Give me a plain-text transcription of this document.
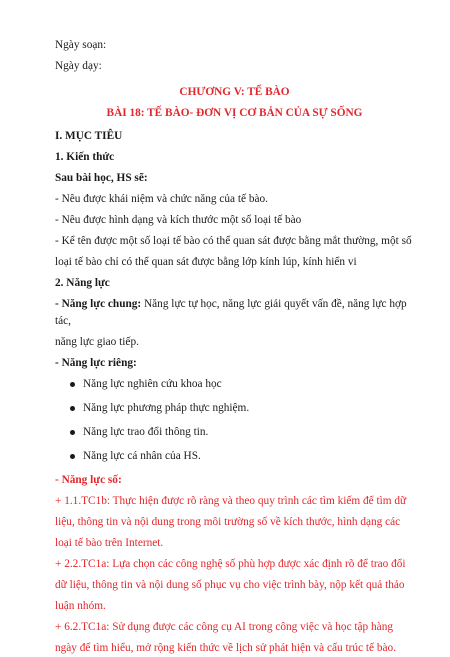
Ngày soạn:

Ngày dạy:

CHƯƠNG V: TẾ BÀO

BÀI 18: TẾ BÀO- ĐƠN VỊ CƠ BẢN CỦA SỰ SỐNG

I. MỤC TIÊU

1. Kiến thức

Sau bài học, HS sẽ:

- Nêu được khái niệm và chức năng của tế bào.

- Nêu được hình dạng và kích thước một số loại tế bào

- Kể tên được một số loại tế bào có thể quan sát được bằng mắt thường, một số

loại tế bào chỉ có thể quan sát được bằng lớp kính lúp, kính hiển vi

2. Năng lực

- Năng lực chung: Năng lực tự học, năng lực giải quyết vấn đề, năng lực hợp tác,

năng lực giao tiếp.

- Năng lực riêng:

Năng lực nghiên cứu khoa học
Năng lực phương pháp thực nghiệm.
Năng lực trao đổi thông tin.
Năng lực cá nhân của HS.

- Năng lực số:

+ 1.1.TC1b: Thực hiện được rõ ràng và theo quy trình các tìm kiếm để tìm dữ

liệu, thông tin và nội dung trong môi trường số về kích thước, hình dạng các

loại tế bào trên Internet.

+ 2.2.TC1a: Lựa chọn các công nghệ số phù hợp được xác định rõ để trao đổi

dữ liệu, thông tin và nội dung số phục vụ cho việc trình bày, nộp kết quả thảo

luận nhóm.

+ 6.2.TC1a: Sử dụng được các công cụ AI trong công việc và học tập hàng

ngày để tìm hiểu, mở rộng kiến thức về lịch sử phát hiện và cấu trúc tế bào.
